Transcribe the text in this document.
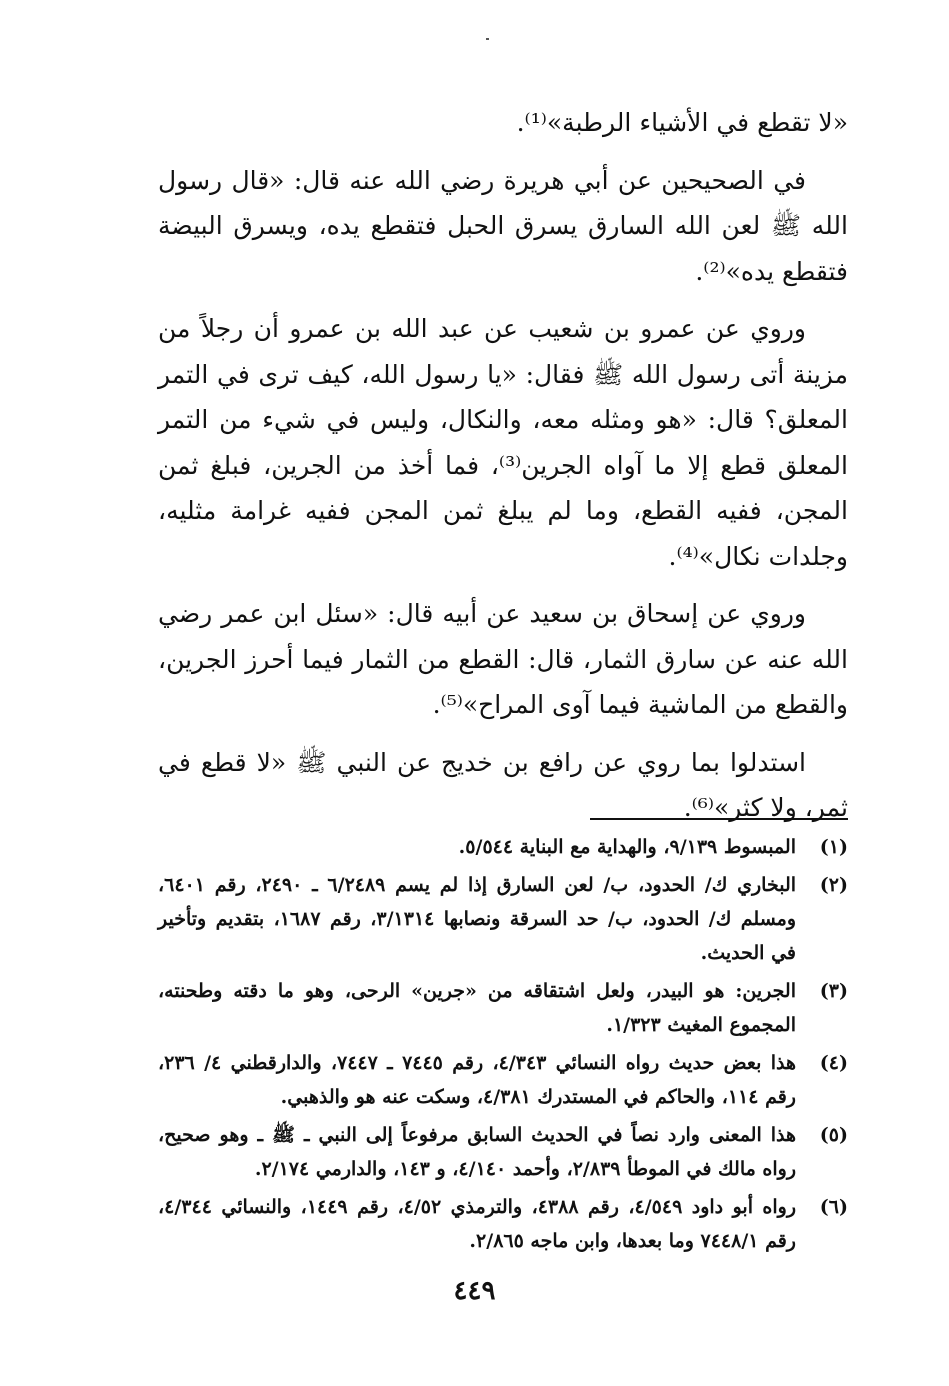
«لا تقطع في الأشياء الرطبة»⁽¹⁾.

في الصحيحين عن أبي هريرة رضي الله عنه قال: «قال رسول الله ﷺ لعن الله السارق يسرق الحبل فتقطع يده، ويسرق البيضة فتقطع يده»⁽²⁾.

وروي عن عمرو بن شعيب عن عبد الله بن عمرو أن رجلاً من مزينة أتى رسول الله ﷺ فقال: «يا رسول الله، كيف ترى في التمر المعلق؟ قال: «هو ومثله معه، والنكال، وليس في شيء من التمر المعلق قطع إلا ما آواه الجرين⁽³⁾، فما أخذ من الجرين، فبلغ ثمن المجن، ففيه القطع، وما لم يبلغ ثمن المجن ففيه غرامة مثليه، وجلدات نكال»⁽⁴⁾.

وروي عن إسحاق بن سعيد عن أبيه قال: «سئل ابن عمر رضي الله عنه عن سارق الثمار، قال: القطع من الثمار فيما أحرز الجرين، والقطع من الماشية فيما آوى المراح»⁽⁵⁾.

استدلوا بما روي عن رافع بن خديج عن النبي ﷺ «لا قطع في ثمر، ولا كثر»⁽⁶⁾.

(١)
المبسوط ٩/١٣٩، والهداية مع البناية ٥/٥٤٤.
(٢)
البخاري ك/ الحدود، ب/ لعن السارق إذا لم يسم ٦/٢٤٨٩ ـ ٢٤٩٠، رقم ٦٤٠١، ومسلم ك/ الحدود، ب/ حد السرقة ونصابها ٣/١٣١٤، رقم ١٦٨٧، بتقديم وتأخير في الحديث.
(٣)
الجرين: هو البيدر، ولعل اشتقاقه من «جرين» الرحى، وهو ما دقته وطحنته، المجموع المغيث ١/٣٢٣.
(٤)
هذا بعض حديث رواه النسائي ٤/٣٤٣، رقم ٧٤٤٥ ـ ٧٤٤٧، والدارقطني ٤/ ٢٣٦، رقم ١١٤، والحاكم في المستدرك ٤/٣٨١، وسكت عنه هو والذهبي.
(٥)
هذا المعنى وارد نصاً في الحديث السابق مرفوعاً إلى النبي ـ ﷺ ـ وهو صحيح، رواه مالك في الموطأ ٢/٨٣٩، وأحمد ٤/١٤٠، و ١٤٣، والدارمي ٢/١٧٤.
(٦)
رواه أبو داود ٤/٥٤٩، رقم ٤٣٨٨، والترمذي ٤/٥٢، رقم ١٤٤٩، والنسائي ٤/٣٤٤، رقم ٧٤٤٨/١ وما بعدها، وابن ماجه ٢/٨٦٥.
٤٤٩
